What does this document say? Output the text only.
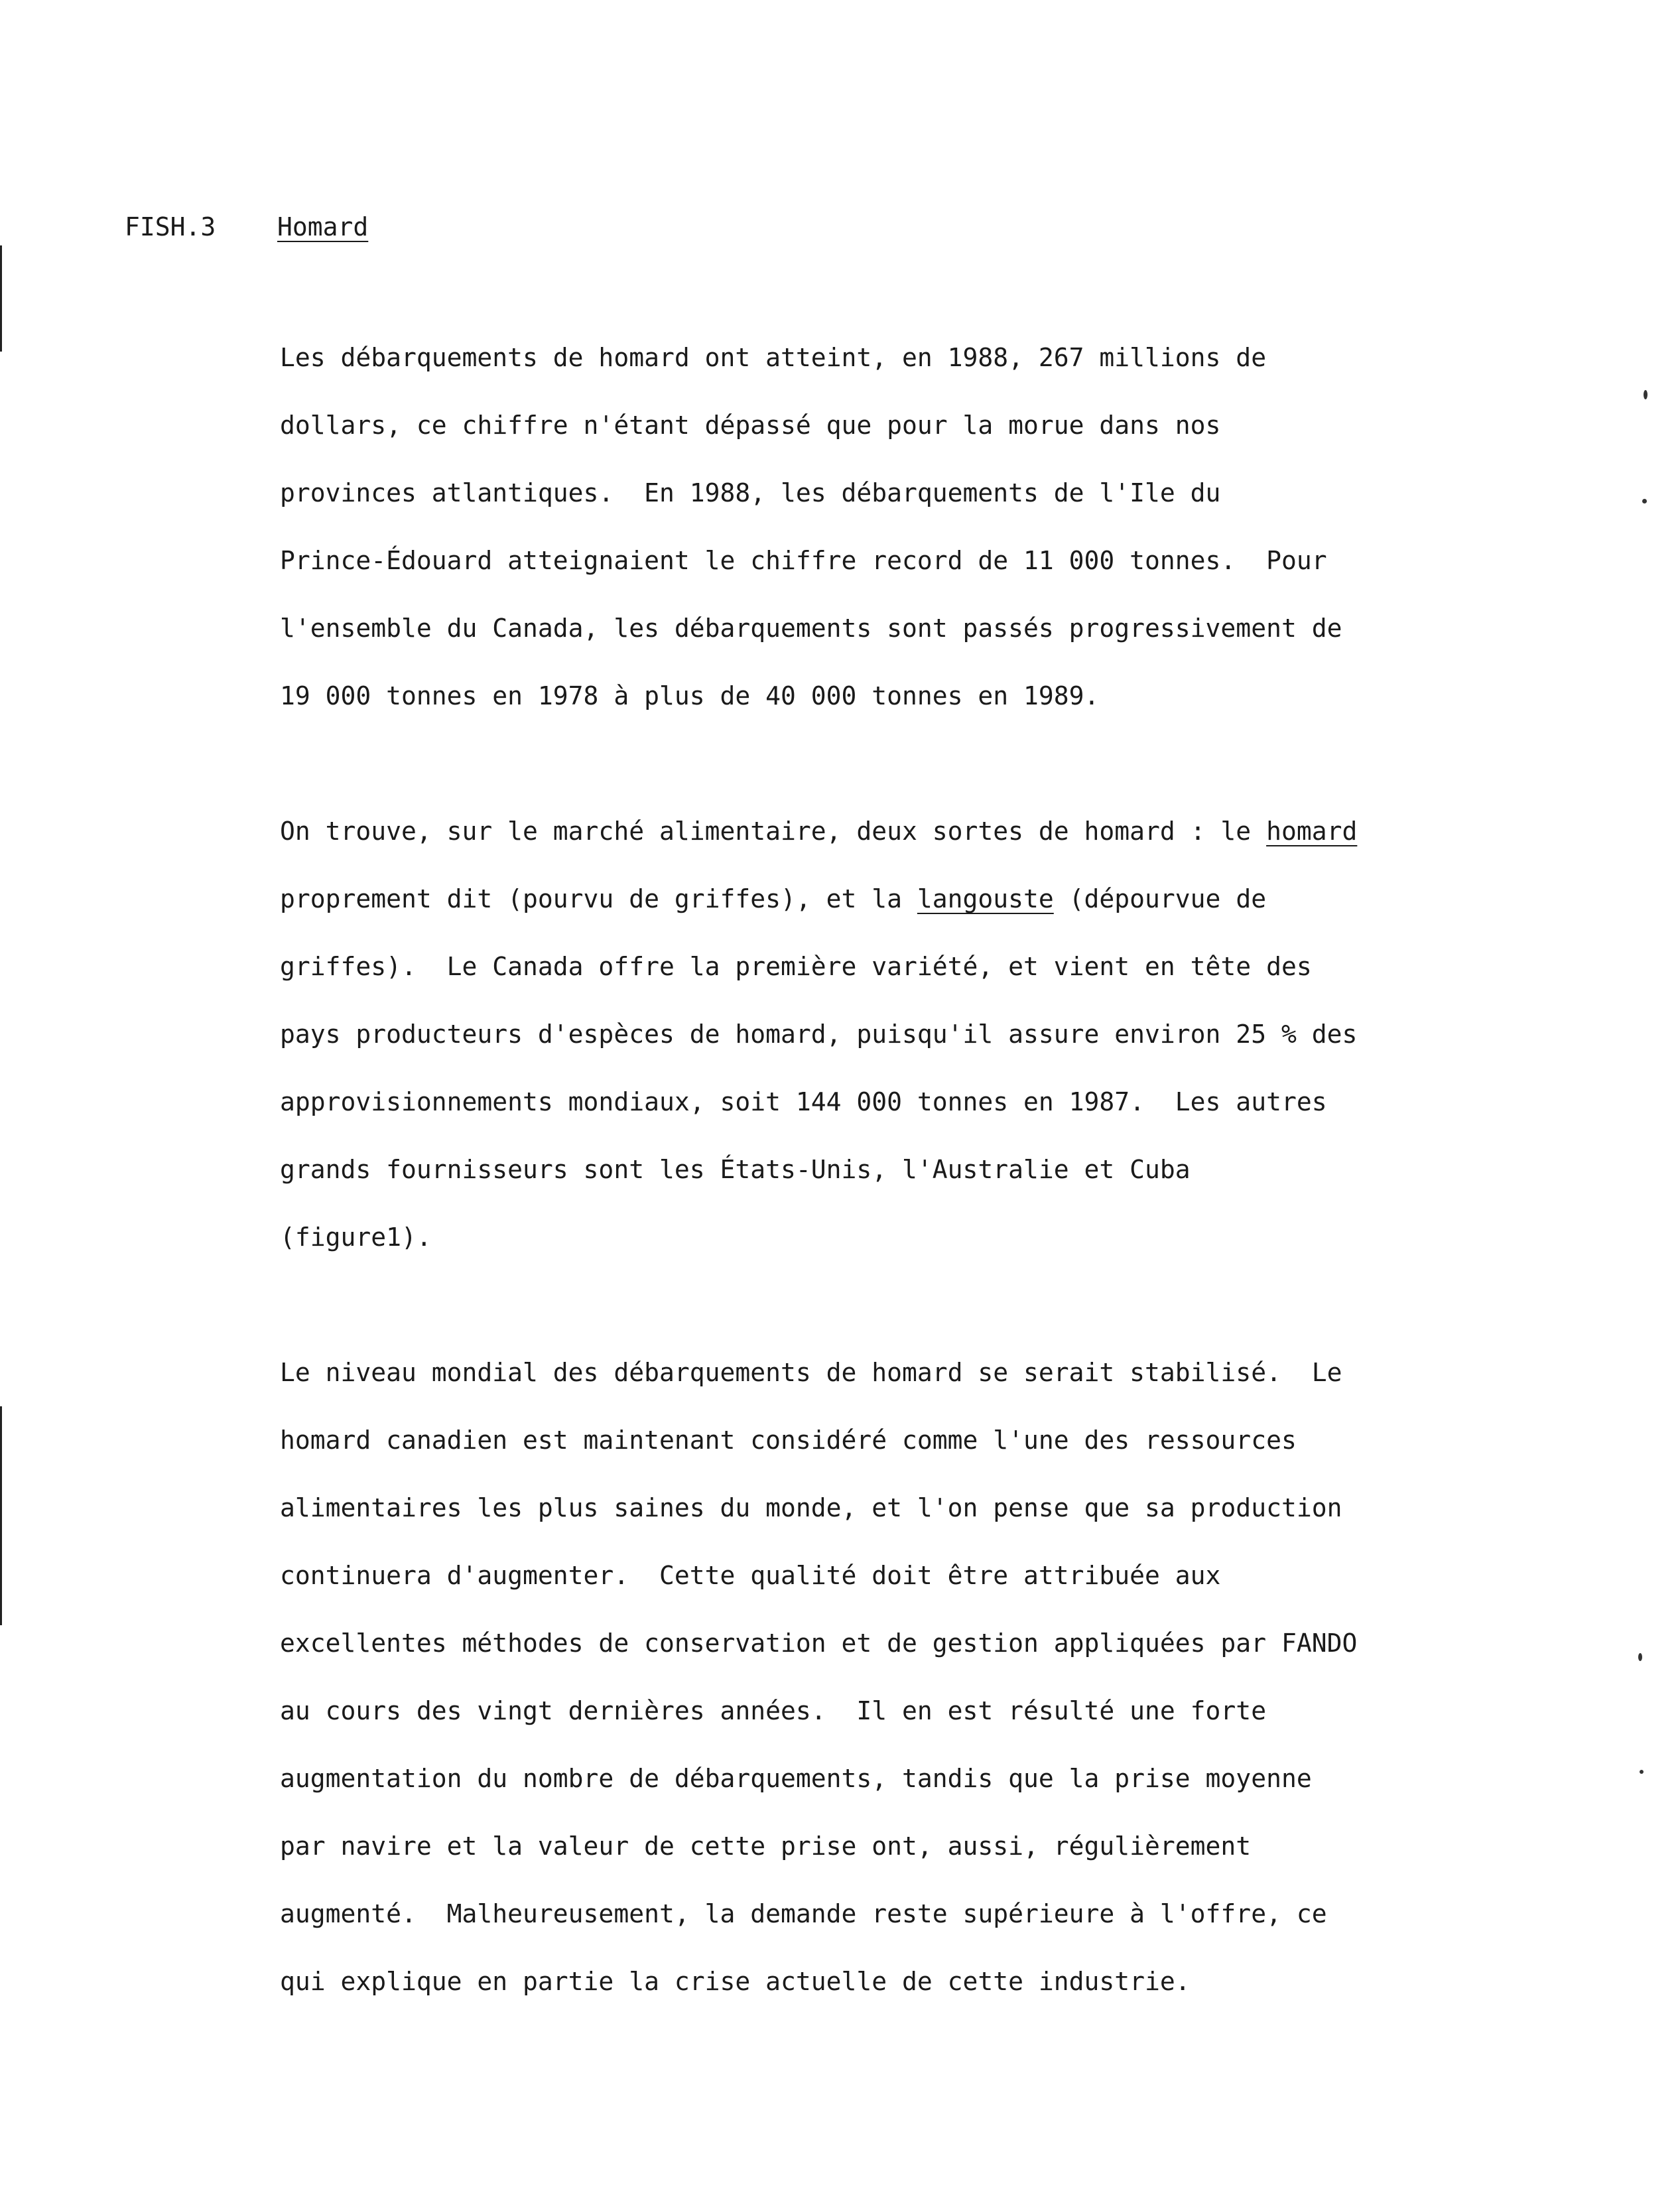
FISH.3 Homard
Les débarquements de homard ont atteint, en 1988, 267 millions de
dollars, ce chiffre n'étant dépassé que pour la morue dans nos
provinces atlantiques.  En 1988, les débarquements de l'Ile du
Prince-Édouard atteignaient le chiffre record de 11 000 tonnes.  Pour
l'ensemble du Canada, les débarquements sont passés progressivement de
19 000 tonnes en 1978 à plus de 40 000 tonnes en 1989.
On trouve, sur le marché alimentaire, deux sortes de homard : le homard
proprement dit (pourvu de griffes), et la langouste (dépourvue de
griffes).  Le Canada offre la première variété, et vient en tête des
pays producteurs d'espèces de homard, puisqu'il assure environ 25 % des
approvisionnements mondiaux, soit 144 000 tonnes en 1987.  Les autres
grands fournisseurs sont les États-Unis, l'Australie et Cuba
(figure1).
Le niveau mondial des débarquements de homard se serait stabilisé.  Le
homard canadien est maintenant considéré comme l'une des ressources
alimentaires les plus saines du monde, et l'on pense que sa production
continuera d'augmenter.  Cette qualité doit être attribuée aux
excellentes méthodes de conservation et de gestion appliquées par FANDO
au cours des vingt dernières années.  Il en est résulté une forte
augmentation du nombre de débarquements, tandis que la prise moyenne
par navire et la valeur de cette prise ont, aussi, régulièrement
augmenté.  Malheureusement, la demande reste supérieure à l'offre, ce
qui explique en partie la crise actuelle de cette industrie.
